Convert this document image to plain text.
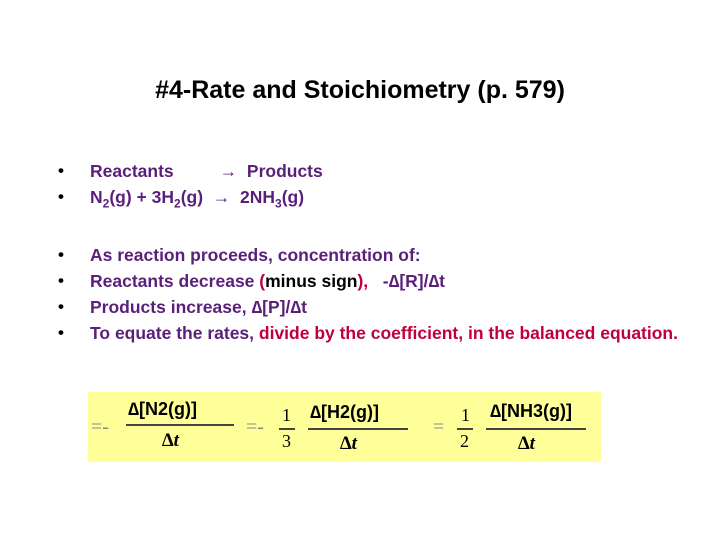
#4-Rate and Stoichiometry (p. 579)
• Reactants	→ Products
• $N_2(g) + 3H_2(g) \to 2NH_3(g)$
• As reaction proceeds, concentration of:
• Reactants decrease (minus sign), -∆[R]/∆t
• Products increase, ∆[P]/∆t
• To equate the rates, divide by the coefficient, in the balanced equation.
=-
∆[N2(g)]
∆t
=-
1
3
∆[H2(g)]
∆t
=
1
2
∆[NH3(g)]
∆t
